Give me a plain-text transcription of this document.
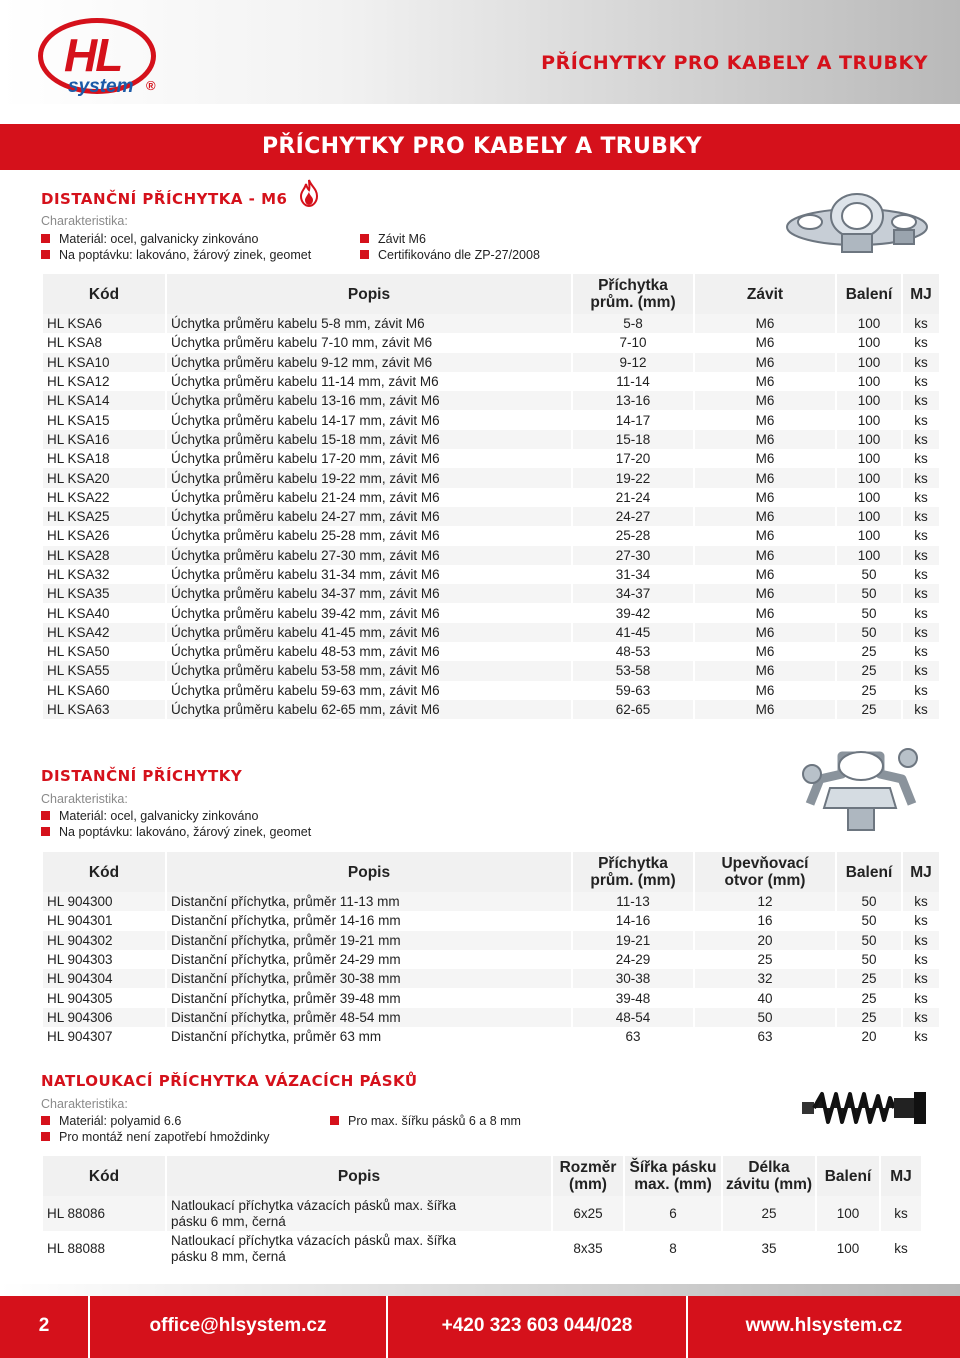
HL
system ®
PŘÍCHYTKY PRO KABELY A TRUBKY
PŘÍCHYTKY PRO KABELY A TRUBKY
DISTANČNÍ PŘÍCHYTKA - M6
Charakteristika:
Materiál: ocel, galvanicky zinkováno
Na poptávku: lakováno, žárový zinek, geomet
Závit M6
Certifikováno dle ZP-27/2008
Kód	Popis	Příchytka
prům. (mm)	Závit	Balení	MJ
HL KSA6	Úchytka průměru kabelu 5-8 mm, závit M6	5-8	M6	100	ks
HL KSA8	Úchytka průměru kabelu 7-10 mm, závit M6	7-10	M6	100	ks
HL KSA10	Úchytka průměru kabelu 9-12 mm, závit M6	9-12	M6	100	ks
HL KSA12	Úchytka průměru kabelu 11-14 mm, závit M6	11-14	M6	100	ks
HL KSA14	Úchytka průměru kabelu 13-16 mm, závit M6	13-16	M6	100	ks
HL KSA15	Úchytka průměru kabelu 14-17 mm, závit M6	14-17	M6	100	ks
HL KSA16	Úchytka průměru kabelu 15-18 mm, závit M6	15-18	M6	100	ks
HL KSA18	Úchytka průměru kabelu 17-20 mm, závit M6	17-20	M6	100	ks
HL KSA20	Úchytka průměru kabelu 19-22 mm, závit M6	19-22	M6	100	ks
HL KSA22	Úchytka průměru kabelu 21-24 mm, závit M6	21-24	M6	100	ks
HL KSA25	Úchytka průměru kabelu 24-27 mm, závit M6	24-27	M6	100	ks
HL KSA26	Úchytka průměru kabelu 25-28 mm, závit M6	25-28	M6	100	ks
HL KSA28	Úchytka průměru kabelu 27-30 mm, závit M6	27-30	M6	100	ks
HL KSA32	Úchytka průměru kabelu 31-34 mm, závit M6	31-34	M6	50	ks
HL KSA35	Úchytka průměru kabelu 34-37 mm, závit M6	34-37	M6	50	ks
HL KSA40	Úchytka průměru kabelu 39-42 mm, závit M6	39-42	M6	50	ks
HL KSA42	Úchytka průměru kabelu 41-45 mm, závit M6	41-45	M6	50	ks
HL KSA50	Úchytka průměru kabelu 48-53 mm, závit M6	48-53	M6	25	ks
HL KSA55	Úchytka průměru kabelu 53-58 mm, závit M6	53-58	M6	25	ks
HL KSA60	Úchytka průměru kabelu 59-63 mm, závit M6	59-63	M6	25	ks
HL KSA63	Úchytka průměru kabelu 62-65 mm, závit M6	62-65	M6	25	ks
DISTANČNÍ PŘÍCHYTKY
Charakteristika:
Materiál: ocel, galvanicky zinkováno
Na poptávku: lakováno, žárový zinek, geomet
Kód	Popis	Příchytka
prům. (mm)	Upevňovací
otvor (mm)	Balení	MJ
HL 904300	Distanční příchytka, průměr 11-13 mm	11-13	12	50	ks
HL 904301	Distanční příchytka, průměr 14-16 mm	14-16	16	50	ks
HL 904302	Distanční příchytka, průměr 19-21 mm	19-21	20	50	ks
HL 904303	Distanční příchytka, průměr 24-29 mm	24-29	25	50	ks
HL 904304	Distanční příchytka, průměr 30-38 mm	30-38	32	25	ks
HL 904305	Distanční příchytka, průměr 39-48 mm	39-48	40	25	ks
HL 904306	Distanční příchytka, průměr 48-54 mm	48-54	50	25	ks
HL 904307	Distanční příchytka, průměr 63 mm	63	63	20	ks
NATLOUKACÍ PŘÍCHYTKA VÁZACÍCH PÁSKŮ
Charakteristika:
Materiál: polyamid 6.6
Pro montáž není zapotřebí hmoždinky
Pro max. šířku pásků 6 a 8 mm
Kód	Popis	Rozměr
(mm)	Šířka pásku
max. (mm)	Délka
závitu (mm)	Balení	MJ
HL 88086	Natloukací příchytka vázacích pásků max. šířka
pásku 6 mm, černá	6x25	6	25	100	ks
HL 88088	Natloukací příchytka vázacích pásků max. šířka
pásku 8 mm, černá	8x35	8	35	100	ks
2	office@hlsystem.cz	+420 323 603 044/028	www.hlsystem.cz
